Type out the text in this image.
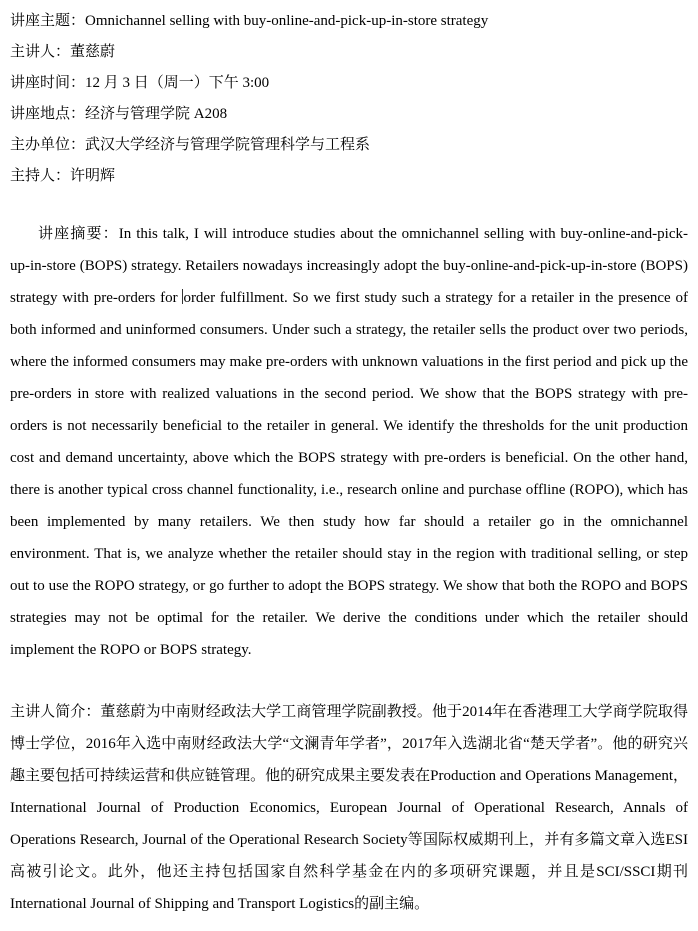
讲座主题：Omnichannel selling with buy-online-and-pick-up-in-store strategy
主讲人：董慈蔚
讲座时间：12 月 3 日（周一）下午 3:00
讲座地点：经济与管理学院 A208
主办单位：武汉大学经济与管理学院管理科学与工程系
主持人：许明辉

讲座摘要：In this talk, I will introduce studies about the omnichannel selling with buy-online-and-pick-up-in-store (BOPS) strategy. Retailers nowadays increasingly adopt the buy-online-and-pick-up-in-store (BOPS) strategy with pre-orders for order fulfillment. So we first study such a strategy for a retailer in the presence of both informed and uninformed consumers. Under such a strategy, the retailer sells the product over two periods, where the informed consumers may make pre-orders with unknown valuations in the first period and pick up the pre-orders in store with realized valuations in the second period. We show that the BOPS strategy with pre-orders is not necessarily beneficial to the retailer in general. We identify the thresholds for the unit production cost and demand uncertainty, above which the BOPS strategy with pre-orders is beneficial. On the other hand, there is another typical cross channel functionality, i.e., research online and purchase offline (ROPO), which has been implemented by many retailers. We then study how far should a retailer go in the omnichannel environment. That is, we analyze whether the retailer should stay in the region with traditional selling, or step out to use the ROPO strategy, or go further to adopt the BOPS strategy. We show that both the ROPO and BOPS strategies may not be optimal for the retailer. We derive the conditions under which the retailer should implement the ROPO or BOPS strategy.

主讲人简介：董慈蔚为中南财经政法大学工商管理学院副教授。他于2014年在香港理工大学商学院取得博士学位，2016年入选中南财经政法大学“文澜青年学者”，2017年入选湖北省“楚天学者”。他的研究兴趣主要包括可持续运营和供应链管理。他的研究成果主要发表在Production and Operations Management，International Journal of Production Economics, European Journal of Operational Research, Annals of Operations Research, Journal of the Operational Research Society等国际权威期刊上，并有多篇文章入选ESI高被引论文。此外，他还主持包括国家自然科学基金在内的多项研究课题，并且是SCI/SSCI期刊International Journal of Shipping and Transport Logistics的副主编。
